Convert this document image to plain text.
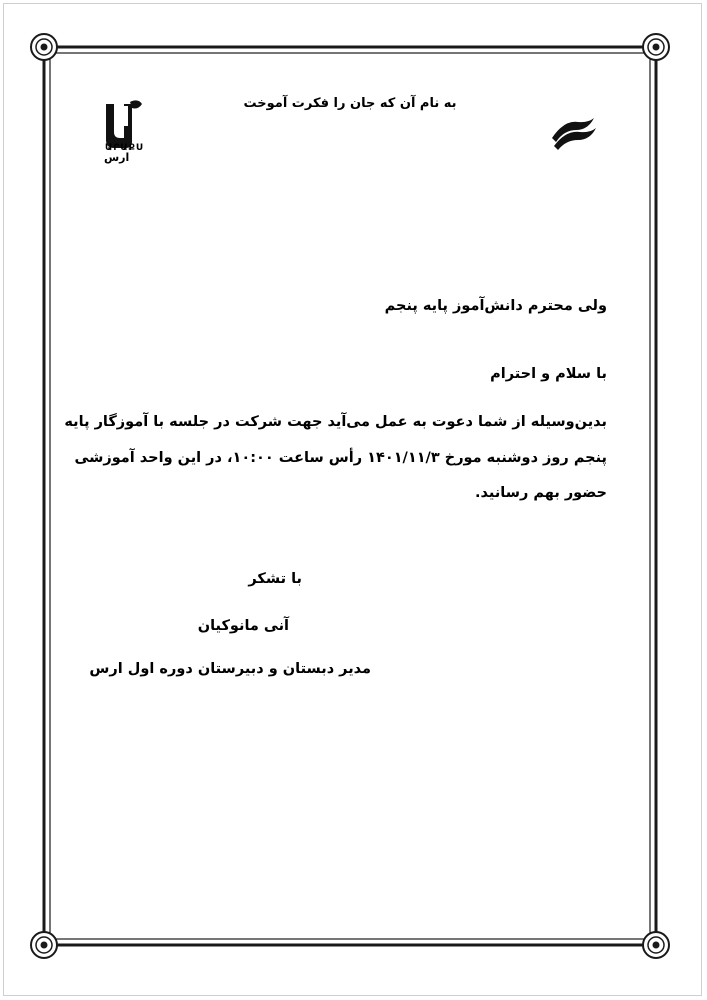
ԱՐԱՔՍ
ارس
به نام آن که جان را فکرت آموخت
ولی محترم دانش‌آموز پایه پنجم
با سلام و احترام
بدین‌وسیله از شما دعوت به عمل می‌آید جهت شرکت در جلسه با آموزگار پایه
پنجم روز دوشنبه مورخ ۱۴۰۱/۱۱/۳ رأس ساعت ۱۰:۰۰، در این واحد آموزشی
حضور بهم رسانید.
با تشکر
آنی مانوکیان
مدیر دبستان و دبیرستان دوره اول ارس
